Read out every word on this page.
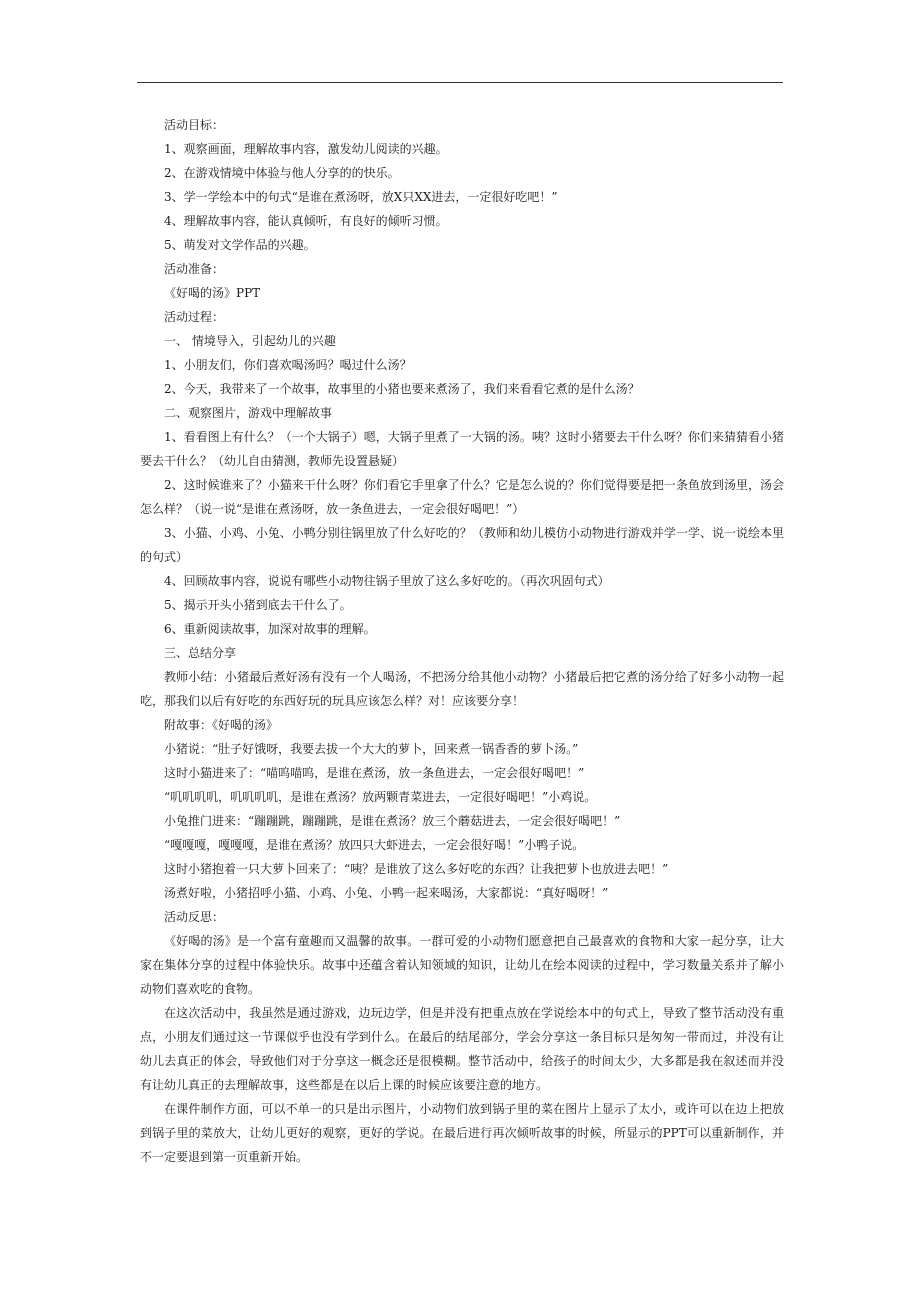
活动目标：
1、观察画面，理解故事内容，激发幼儿阅读的兴趣。
2、在游戏情境中体验与他人分享的的快乐。
3、学一学绘本中的句式“是谁在煮汤呀，放X只XX进去，一定很好吃吧！”
4、理解故事内容，能认真倾听，有良好的倾听习惯。
5、萌发对文学作品的兴趣。
活动准备：
《好喝的汤》PPT
活动过程：
一、 情境导入，引起幼儿的兴趣
1、小朋友们，你们喜欢喝汤吗？喝过什么汤？
2、今天，我带来了一个故事，故事里的小猪也要来煮汤了，我们来看看它煮的是什么汤？
二、观察图片，游戏中理解故事

1、看看图上有什么？（一个大锅子）嗯，大锅子里煮了一大锅的汤。咦？这时小猪要去干什么呀？你们来猜猜看小猪要去干什么？（幼儿自由猜测，教师先设置悬疑）

2、这时候谁来了？小猫来干什么呀？你们看它手里拿了什么？它是怎么说的？你们觉得要是把一条鱼放到汤里，汤会怎么样？（说一说“是谁在煮汤呀，放一条鱼进去，一定会很好喝吧！”）

3、小猫、小鸡、小兔、小鸭分别往锅里放了什么好吃的？（教师和幼儿模仿小动物进行游戏并学一学、说一说绘本里的句式）

4、回顾故事内容，说说有哪些小动物往锅子里放了这么多好吃的。（再次巩固句式）
5、揭示开头小猪到底去干什么了。
6、重新阅读故事，加深对故事的理解。
三、总结分享

教师小结：小猪最后煮好汤有没有一个人喝汤，不把汤分给其他小动物？小猪最后把它煮的汤分给了好多小动物一起吃，那我们以后有好吃的东西好玩的玩具应该怎么样？对！应该要分享！

附故事：《好喝的汤》
小猪说：“肚子好饿呀，我要去拔一个大大的萝卜，回来煮一锅香香的萝卜汤。”
这时小猫进来了：“喵呜喵呜，是谁在煮汤，放一条鱼进去，一定会很好喝吧！”
“叽叽叽叽，叽叽叽叽，是谁在煮汤？放两颗青菜进去，一定很好喝吧！”小鸡说。
小兔推门进来：“蹦蹦跳，蹦蹦跳，是谁在煮汤？放三个蘑菇进去，一定会很好喝吧！”
“嘎嘎嘎，嘎嘎嘎，是谁在煮汤？放四只大虾进去，一定会很好喝！”小鸭子说。
这时小猪抱着一只大萝卜回来了：“咦？是谁放了这么多好吃的东西？让我把萝卜也放进去吧！”
汤煮好啦，小猪招呼小猫、小鸡、小兔、小鸭一起来喝汤，大家都说：“真好喝呀！”
活动反思：

《好喝的汤》是一个富有童趣而又温馨的故事。一群可爱的小动物们愿意把自己最喜欢的食物和大家一起分享，让大家在集体分享的过程中体验快乐。故事中还蕴含着认知领域的知识，让幼儿在绘本阅读的过程中，学习数量关系并了解小动物们喜欢吃的食物。

在这次活动中，我虽然是通过游戏，边玩边学，但是并没有把重点放在学说绘本中的句式上，导致了整节活动没有重点，小朋友们通过这一节课似乎也没有学到什么。在最后的结尾部分，学会分享这一条目标只是匆匆一带而过，并没有让幼儿去真正的体会，导致他们对于分享这一概念还是很模糊。整节活动中，给孩子的时间太少，大多都是我在叙述而并没有让幼儿真正的去理解故事，这些都是在以后上课的时候应该要注意的地方。

在课件制作方面，可以不单一的只是出示图片，小动物们放到锅子里的菜在图片上显示了太小，或许可以在边上把放到锅子里的菜放大，让幼儿更好的观察，更好的学说。在最后进行再次倾听故事的时候，所显示的PPT可以重新制作，并不一定要退到第一页重新开始。
